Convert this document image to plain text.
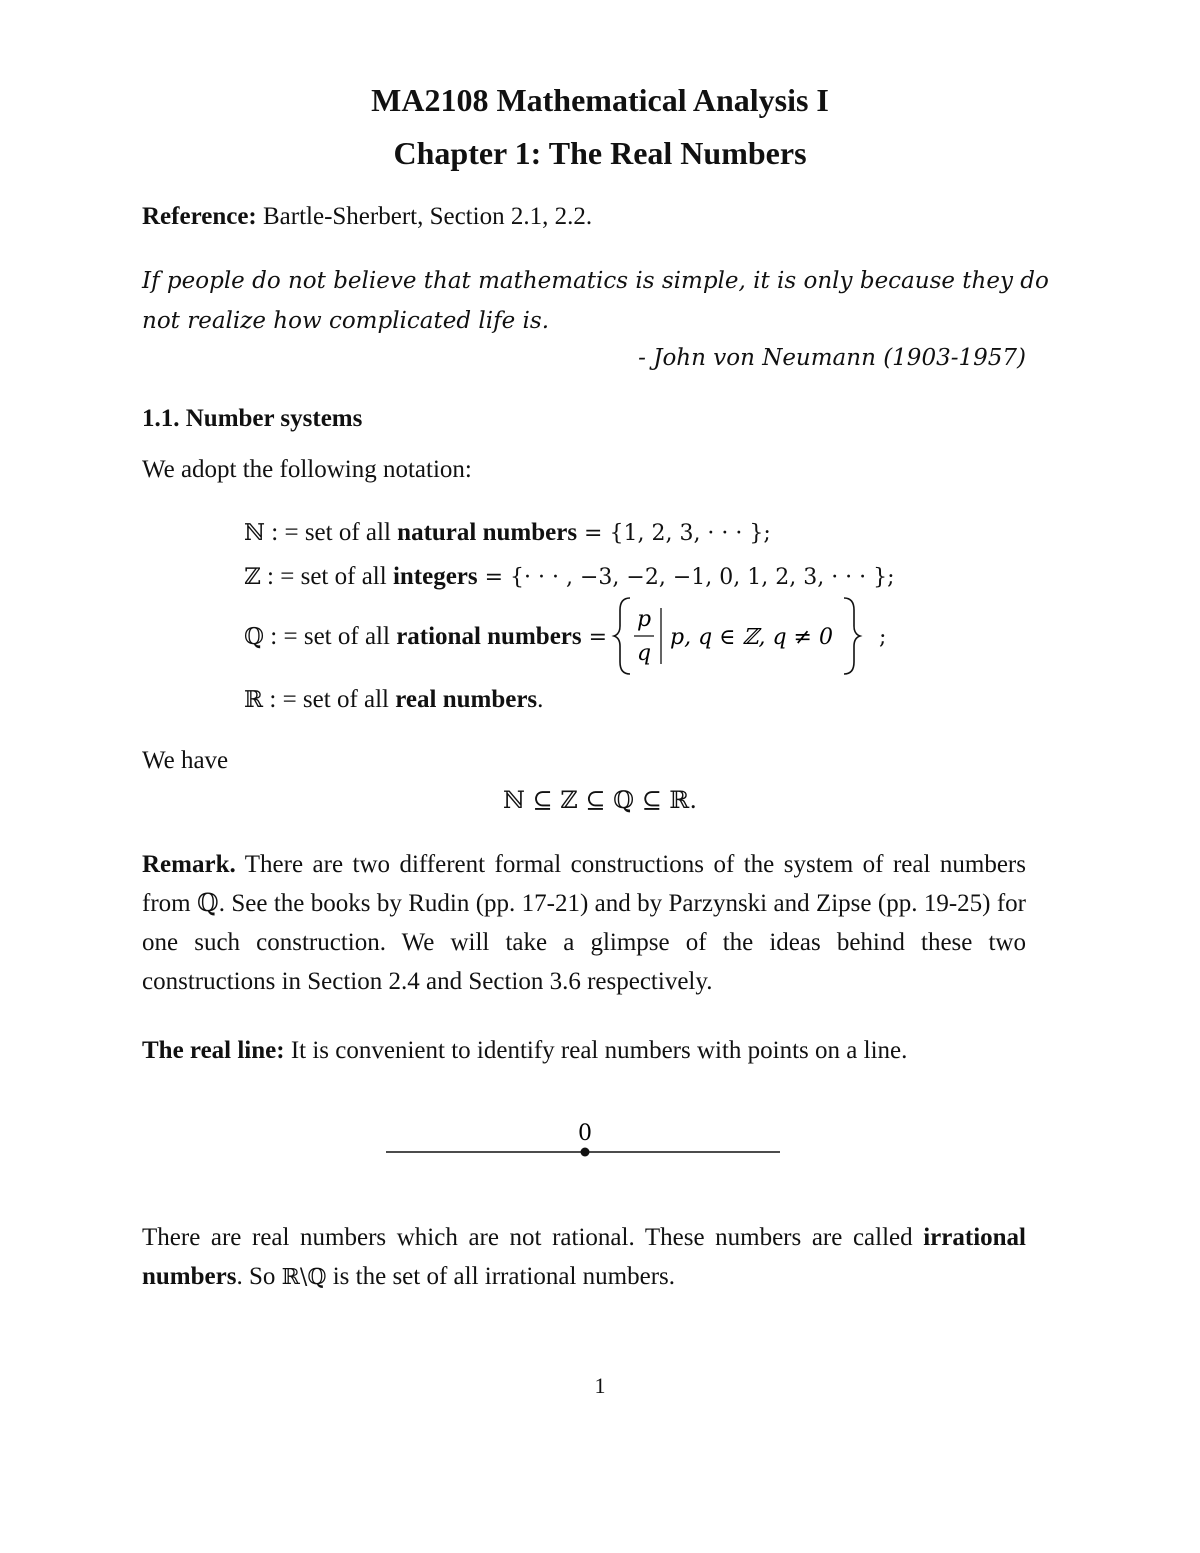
MA2108 Mathematical Analysis I
Chapter 1: The Real Numbers
Reference: Bartle-Sherbert, Section 2.1, 2.2.
If people do not believe that mathematics is simple, it is only because they do
not realize how complicated life is.
- John von Neumann (1903-1957)
1.1. Number systems
We adopt the following notation:
ℕ : = set of all natural numbers = {1, 2, 3, · · · };
ℤ : = set of all integers = {· · · , −3, −2, −1, 0, 1, 2, 3, · · · };
ℚ : = set of all rational numbers =
p
q
p, q ∈ ℤ, q ≠ 0 ;
ℝ : = set of all real numbers.
We have
ℕ ⊆ ℤ ⊆ ℚ ⊆ ℝ.
Remark. There are two different formal constructions of the system of real numbers from ℚ. See the books by Rudin (pp. 17-21) and by Parzynski and Zipse (pp. 19-25) for one such construction. We will take a glimpse of the ideas behind these two constructions in Section 2.4 and Section 3.6 respectively.
The real line: It is convenient to identify real numbers with points on a line.
0
There are real numbers which are not rational. These numbers are called irrational numbers. So ℝ\ℚ is the set of all irrational numbers.
1
